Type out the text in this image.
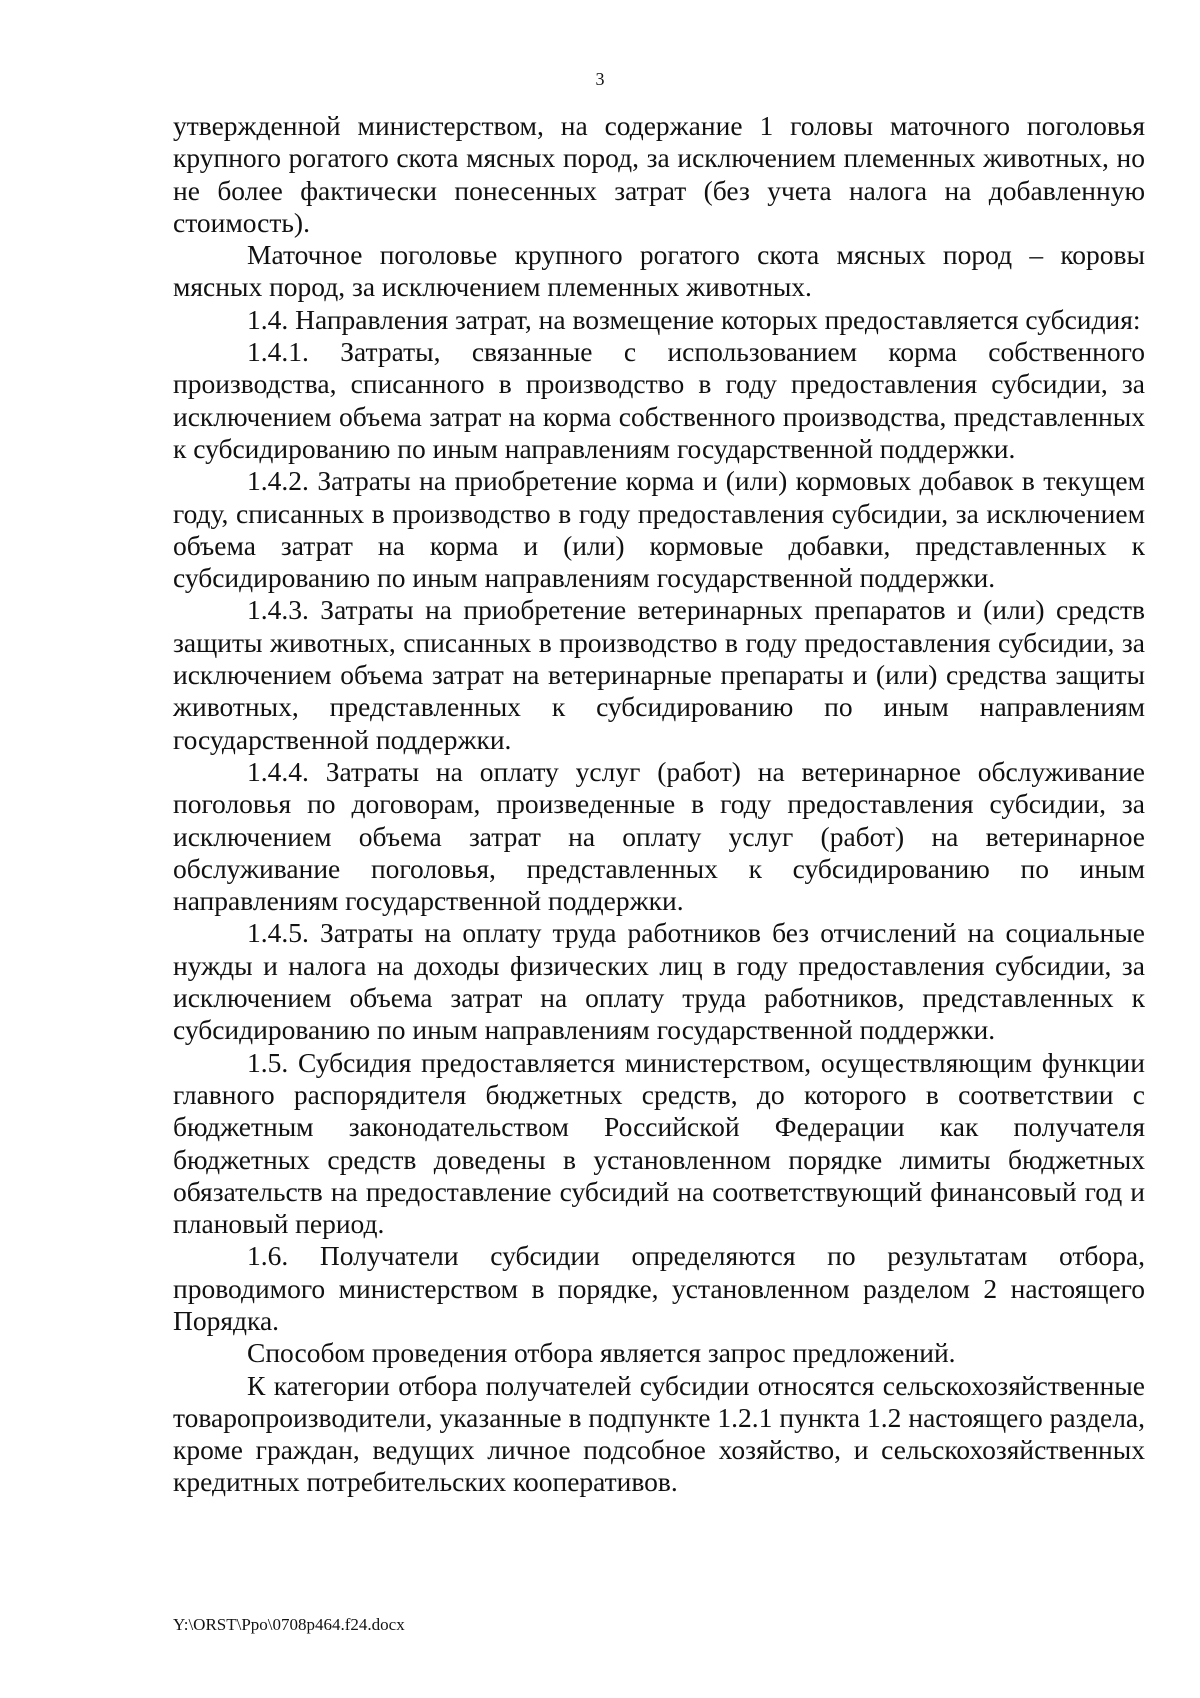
3

утвержденной министерством, на содержание 1 головы маточного поголовья крупного рогатого скота мясных пород, за исключением племенных животных, но не более фактически понесенных затрат (без учета налога на добавленную стоимость).

Маточное поголовье крупного рогатого скота мясных пород – коровы мясных пород, за исключением племенных животных.

1.4. Направления затрат, на возмещение которых предоставляется субсидия:

1.4.1. Затраты, связанные с использованием корма собственного производства, списанного в производство в году предоставления субсидии, за исключением объема затрат на корма собственного производства, представленных к субсидированию по иным направлениям государственной поддержки.

1.4.2. Затраты на приобретение корма и (или) кормовых добавок в текущем году, списанных в производство в году предоставления субсидии, за исключением объема затрат на корма и (или) кормовые добавки, представленных к субсидированию по иным направлениям государственной поддержки.

1.4.3. Затраты на приобретение ветеринарных препаратов и (или) средств защиты животных, списанных в производство в году предоставления субсидии, за исключением объема затрат на ветеринарные препараты и (или) средства защиты животных, представленных к субсидированию по иным направлениям государственной поддержки.

1.4.4. Затраты на оплату услуг (работ) на ветеринарное обслуживание поголовья по договорам, произведенные в году предоставления субсидии, за исключением объема затрат на оплату услуг (работ) на ветеринарное обслуживание поголовья, представленных к субсидированию по иным направлениям государственной поддержки.

1.4.5. Затраты на оплату труда работников без отчислений на социальные нужды и налога на доходы физических лиц в году предоставления субсидии, за исключением объема затрат на оплату труда работников, представленных к субсидированию по иным направлениям государственной поддержки.

1.5. Субсидия предоставляется министерством, осуществляющим функции главного распорядителя бюджетных средств, до которого в соответствии с бюджетным законодательством Российской Федерации как получателя бюджетных средств доведены в установленном порядке лимиты бюджетных обязательств на предоставление субсидий на соответствующий финансовый год и плановый период.

1.6. Получатели субсидии определяются по результатам отбора, проводимого министерством в порядке, установленном разделом 2 настоящего Порядка.

Способом проведения отбора является запрос предложений.

К категории отбора получателей субсидии относятся сельскохозяйственные товаропроизводители, указанные в подпункте 1.2.1 пункта 1.2 настоящего раздела, кроме граждан, ведущих личное подсобное хозяйство, и сельскохозяйственных кредитных потребительских кооперативов.

Y:\ORST\Ppo\0708p464.f24.docx
